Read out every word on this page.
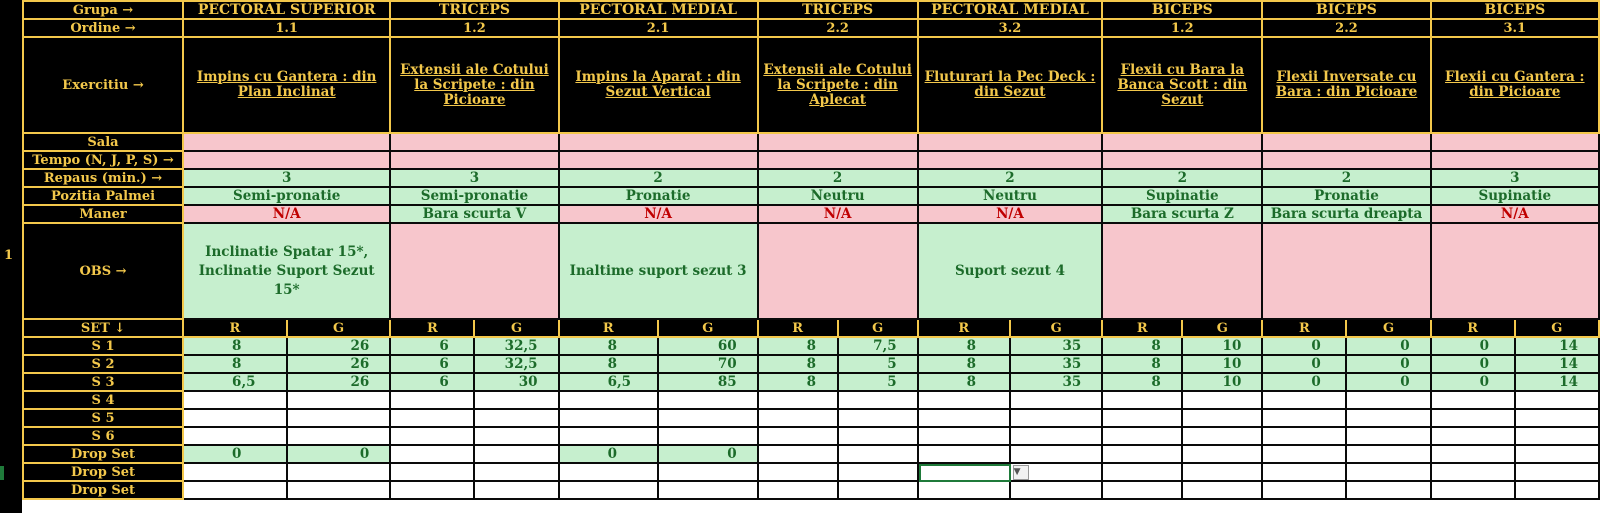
1
Grupa →	PECTORAL SUPERIOR		TRICEPS		PECTORAL MEDIAL		TRICEPS		PECTORAL MEDIAL		BICEPS		BICEPS		BICEPS	
Ordine →	1.1		1.2		2.1		2.2		3.2		1.2		2.2		3.1	
Exercitiu →	Impins cu Gantera : din Plan Inclinat		Extensii ale Cotului la Scripete : din Picioare		Impins la Aparat : din Sezut Vertical		Extensii ale Cotului la Scripete : din Aplecat		Fluturari la Pec Deck : din Sezut		Flexii cu Bara la Banca Scott : din Sezut		Flexii Inversate cu Bara : din Picioare		Flexii cu Gantera : din Picioare	
Sala																
Tempo (N, J, P, S) →																
Repaus (min.) →	3		3		2		2		2		2		2		3	
Pozitia Palmei	Semi-pronatie		Semi-pronatie		Pronatie		Neutru		Neutru		Supinatie		Pronatie		Supinatie	
Maner	N/A		Bara scurta V		N/A		N/A		N/A		Bara scurta Z		Bara scurta dreapta		N/A	
OBS →	Inclinatie Spatar 15*, Inclinatie Suport Sezut 15*				Inaltime suport sezut 3				Suport sezut 4							
SET ↓	R	G	R	G	R	G	R	G	R	G	R	G	R	G	R	G
S 1	8	26	6	32,5	8	60	8	7,5	8	35	8	10	0	0	0	14
S 2	8	26	6	32,5	8	70	8	5	8	35	8	10	0	0	0	14
S 3	6,5	26	6	30	6,5	85	8	5	8	35	8	10	0	0	0	14
S 4																
S 5																
S 6																
Drop Set	0	0			0	0										
Drop Set									▼							

Drop Set																
